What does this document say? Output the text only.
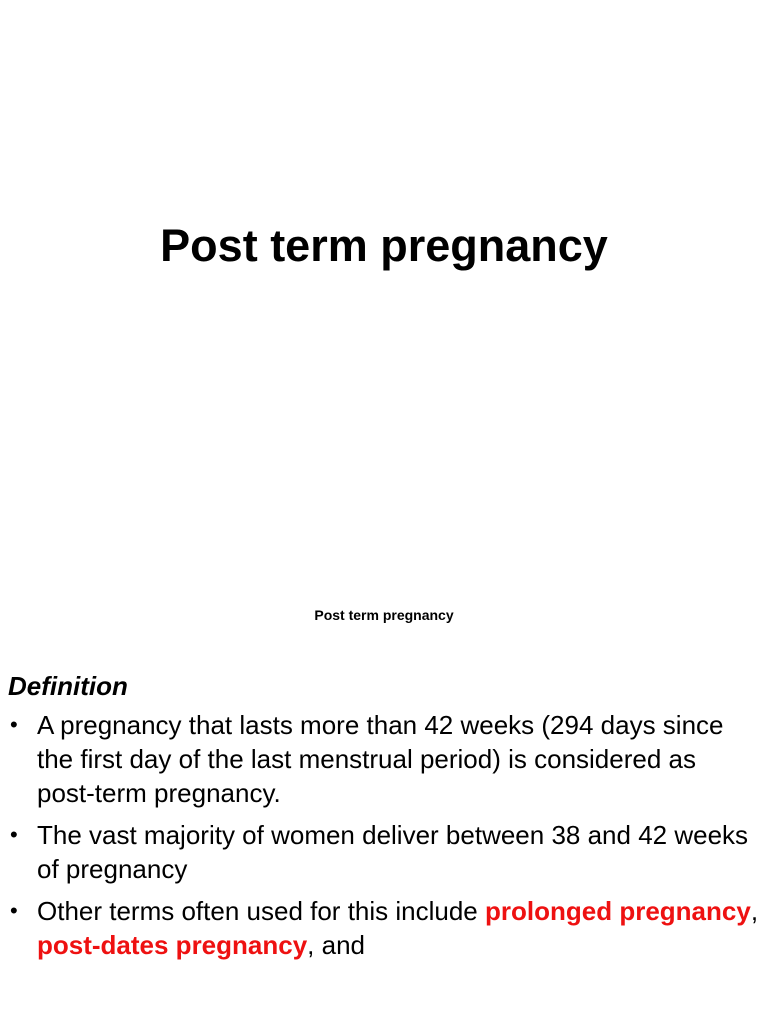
Post term pregnancy
Post term pregnancy
Definition
• A pregnancy that lasts more than 42 weeks (294 days since the first day of the last menstrual period) is considered as post-term pregnancy.
• The vast majority of women deliver between 38 and 42 weeks of pregnancy
• Other terms often used for this include prolonged pregnancy, post-dates pregnancy, and
